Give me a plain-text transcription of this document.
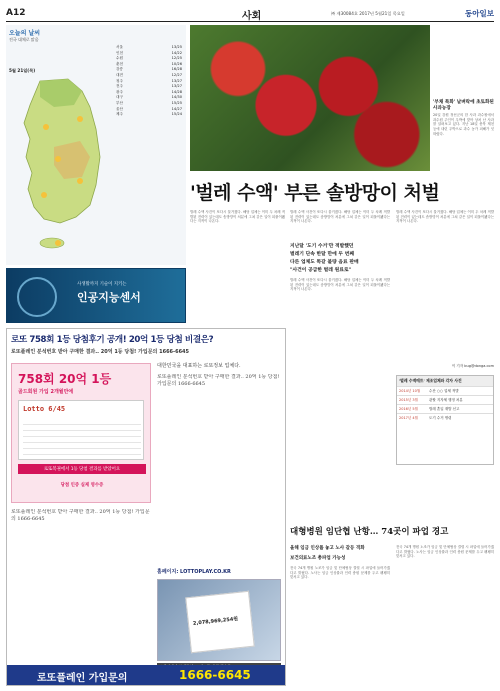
A12	사회	㈜ 제30084호 2017년 5월21일 목요일	동아일보
오늘의 날씨
전국 대체로 맑음
5월 21일(목)
서울	13/25
인천	14/22
수원	12/25
춘천	10/26
강릉	16/28
대전	12/27
청주	13/27
전주	13/27
광주	14/28
대구	14/30
부산	15/25
울산	14/27
제주	15/24
사생활까지 기술이 지키는
인공지능센서
'부채 특화' 날벼락에 초토화된 사과농장
20일 강원 정선군의 한 사과 과수원에서 과수원 주인이 우박에 맞아 상처 난 사과를 살펴보고 있다. 지난 18일 충북 제천 등에 내린 우박으로 과수 농가 피해가 잇따랐다.
'벌레 수액' 부른 솔방망이 처벌
벌레 수액 사건이 또다시 불거졌다. 해당 업체는 이미 두 차례 적발된 전력이 있는데도 솜방망이 처분에 그쳐 같은 일이 되풀이됐다는 지적이 나온다.
지난달 '도기 수거'만 적발했던
벌레기 단속 한달 만에 두 번째
다른 업체도 똑같 불량 음료 판매
"사건이 공급한 벌레 원료로"
벌레 수액 사건이 또다시 불거졌다. 해당 업체는 이미 두 차례 적발된 전력이 있는데도 솜방망이 처분에 그쳐 같은 일이 되풀이됐다는 지적이 나온다.
벌레 수액 사건이 또다시 불거졌다. 해당 업체는 이미 두 차례 적발된 전력이 있는데도 솜방망이 처분에 그쳐 같은 일이 되풀이됐다는 지적이 나온다.
벌레 수액 사건이 또다시 불거졌다. 해당 업체는 이미 두 차례 적발된 전력이 있는데도 솜방망이 처분에 그쳐 같은 일이 되풀이됐다는 지적이 나온다.
'벌레 수액매트' 제조업체와 각자 사건
2014년 10월	수산 ○○ 업체 적발
2015년 3월	관할 지자체 행정 처분
2016년 5월	벌레 혼입 재발 신고
2017년 4월	도기 수거 명령
이 기자 bug@donga.com
대형병원 임단협 난항… 74곳이 파업 경고
올해 임금 인상률 놓고 노사 갈등 격화
보건의료노조 총파업 가능성
전국 74개 병원 노조가 임금 및 단체협상 결렬 시 파업에 들어가겠다고 밝혔다. 노사는 임금 인상률과 인력 충원 문제를 두고 팽팽히 맞서고 있다.
전국 74개 병원 노조가 임금 및 단체협상 결렬 시 파업에 들어가겠다고 밝혔다. 노사는 임금 인상률과 인력 충원 문제를 두고 팽팽히 맞서고 있다.
로또 758회 1등 당첨후기 공개! 20억 1등 당첨 비결은?
로또플레인 분석번호 받아 구매한 결과.. 20억 1등 당첨! 가입문의 1666-6645
758회 20억 1등
골드회원 가입 2개월만에
Lotto 6/45
로또복권에서 1등 당첨 결과를 받았어요
당첨 인증 실제 영수증
대한민국을 대표하는 로또정보 업체다.
로또플레인 분석번호 받아 구매한 결과.. 20억 1등 당첨! 가입문의 1666-6645
홈페이지: LOTTOPLAY.CO.KR
로또플레인 분석번호 받아 구매한 결과.. 20억 1등 당첨! 가입문의 1666-6645
2,078,969,254원
로또플레인 가입문의	1666-6645
